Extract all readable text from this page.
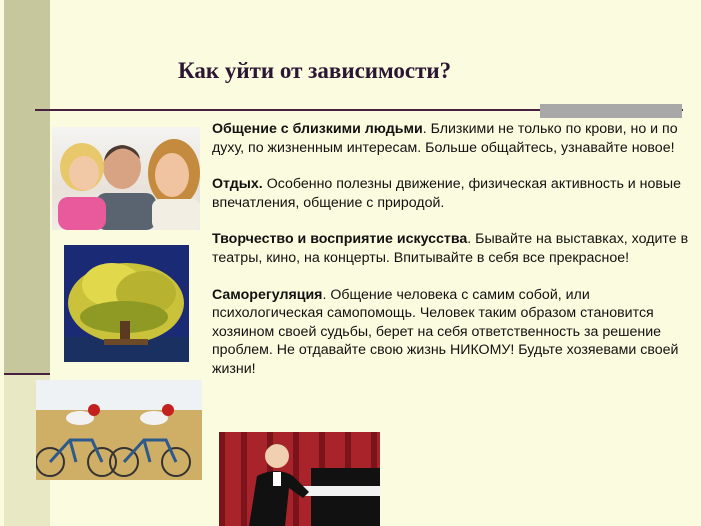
Как уйти от зависимости?

Общение с близкими людьми. Близкими не только по крови, но и по духу, по жизненным интересам. Больше общайтесь, узнавайте новое!

Отдых. Особенно полезны движение, физическая активность и новые впечатления, общение с природой.

Творчество и восприятие искусства. Бывайте на выставках, ходите в театры, кино, на концерты. Впитывайте в себя все прекрасное!

Саморегуляция. Общение человека с самим собой, или психологическая самопомощь. Человек таким образом становится хозяином своей судьбы, берет на себя ответственность за решение проблем. Не отдавайте свою жизнь НИКОМУ! Будьте хозяевами своей жизни!
